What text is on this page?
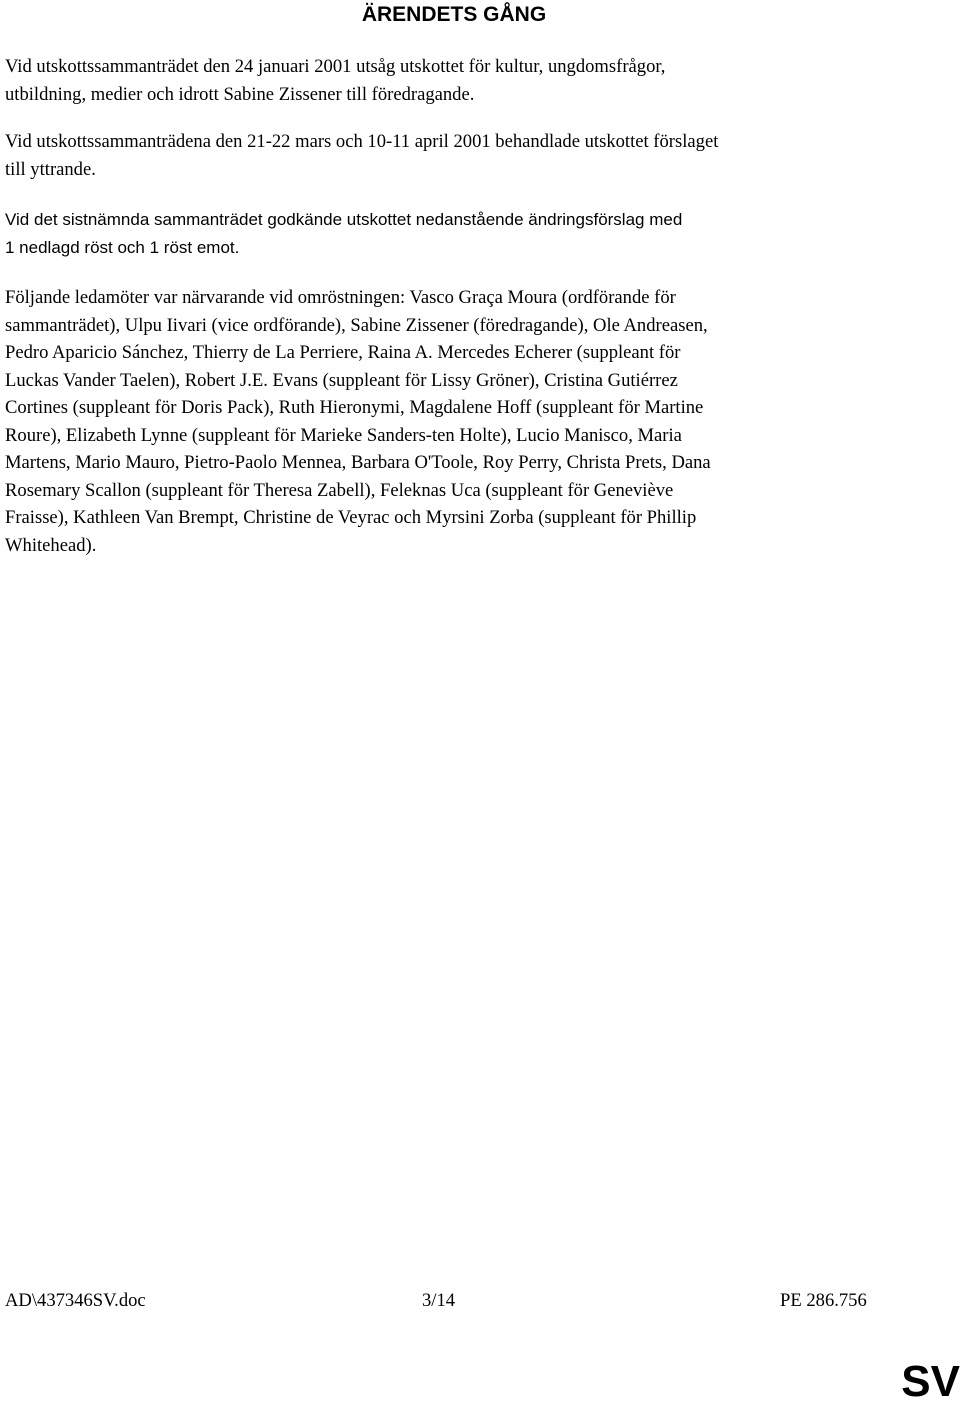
ÄRENDETS GÅNG

Vid utskottssammanträdet den 24 januari 2001 utsåg utskottet för kultur, ungdomsfrågor,
utbildning, medier och idrott Sabine Zissener till föredragande.

Vid utskottssammanträdena den 21-22 mars och 10-11 april 2001 behandlade utskottet förslaget
till yttrande.

Vid det sistnämnda sammanträdet godkände utskottet nedanstående ändringsförslag med
1 nedlagd röst och 1 röst emot.

Följande ledamöter var närvarande vid omröstningen: Vasco Graça Moura (ordförande för
sammanträdet), Ulpu Iivari (vice ordförande), Sabine Zissener (föredragande), Ole Andreasen,
Pedro Aparicio Sánchez, Thierry de La Perriere, Raina A. Mercedes Echerer (suppleant för
Luckas Vander Taelen), Robert J.E. Evans (suppleant för Lissy Gröner), Cristina Gutiérrez
Cortines (suppleant för Doris Pack), Ruth Hieronymi, Magdalene Hoff (suppleant för Martine
Roure), Elizabeth Lynne (suppleant för Marieke Sanders-ten Holte), Lucio Manisco, Maria
Martens, Mario Mauro, Pietro-Paolo Mennea, Barbara O'Toole, Roy Perry, Christa Prets, Dana
Rosemary Scallon (suppleant för Theresa Zabell), Feleknas Uca (suppleant för Geneviève
Fraisse), Kathleen Van Brempt, Christine de Veyrac och Myrsini Zorba (suppleant för Phillip
Whitehead).

AD\437346SV.doc	3/14	PE 286.756

SV
